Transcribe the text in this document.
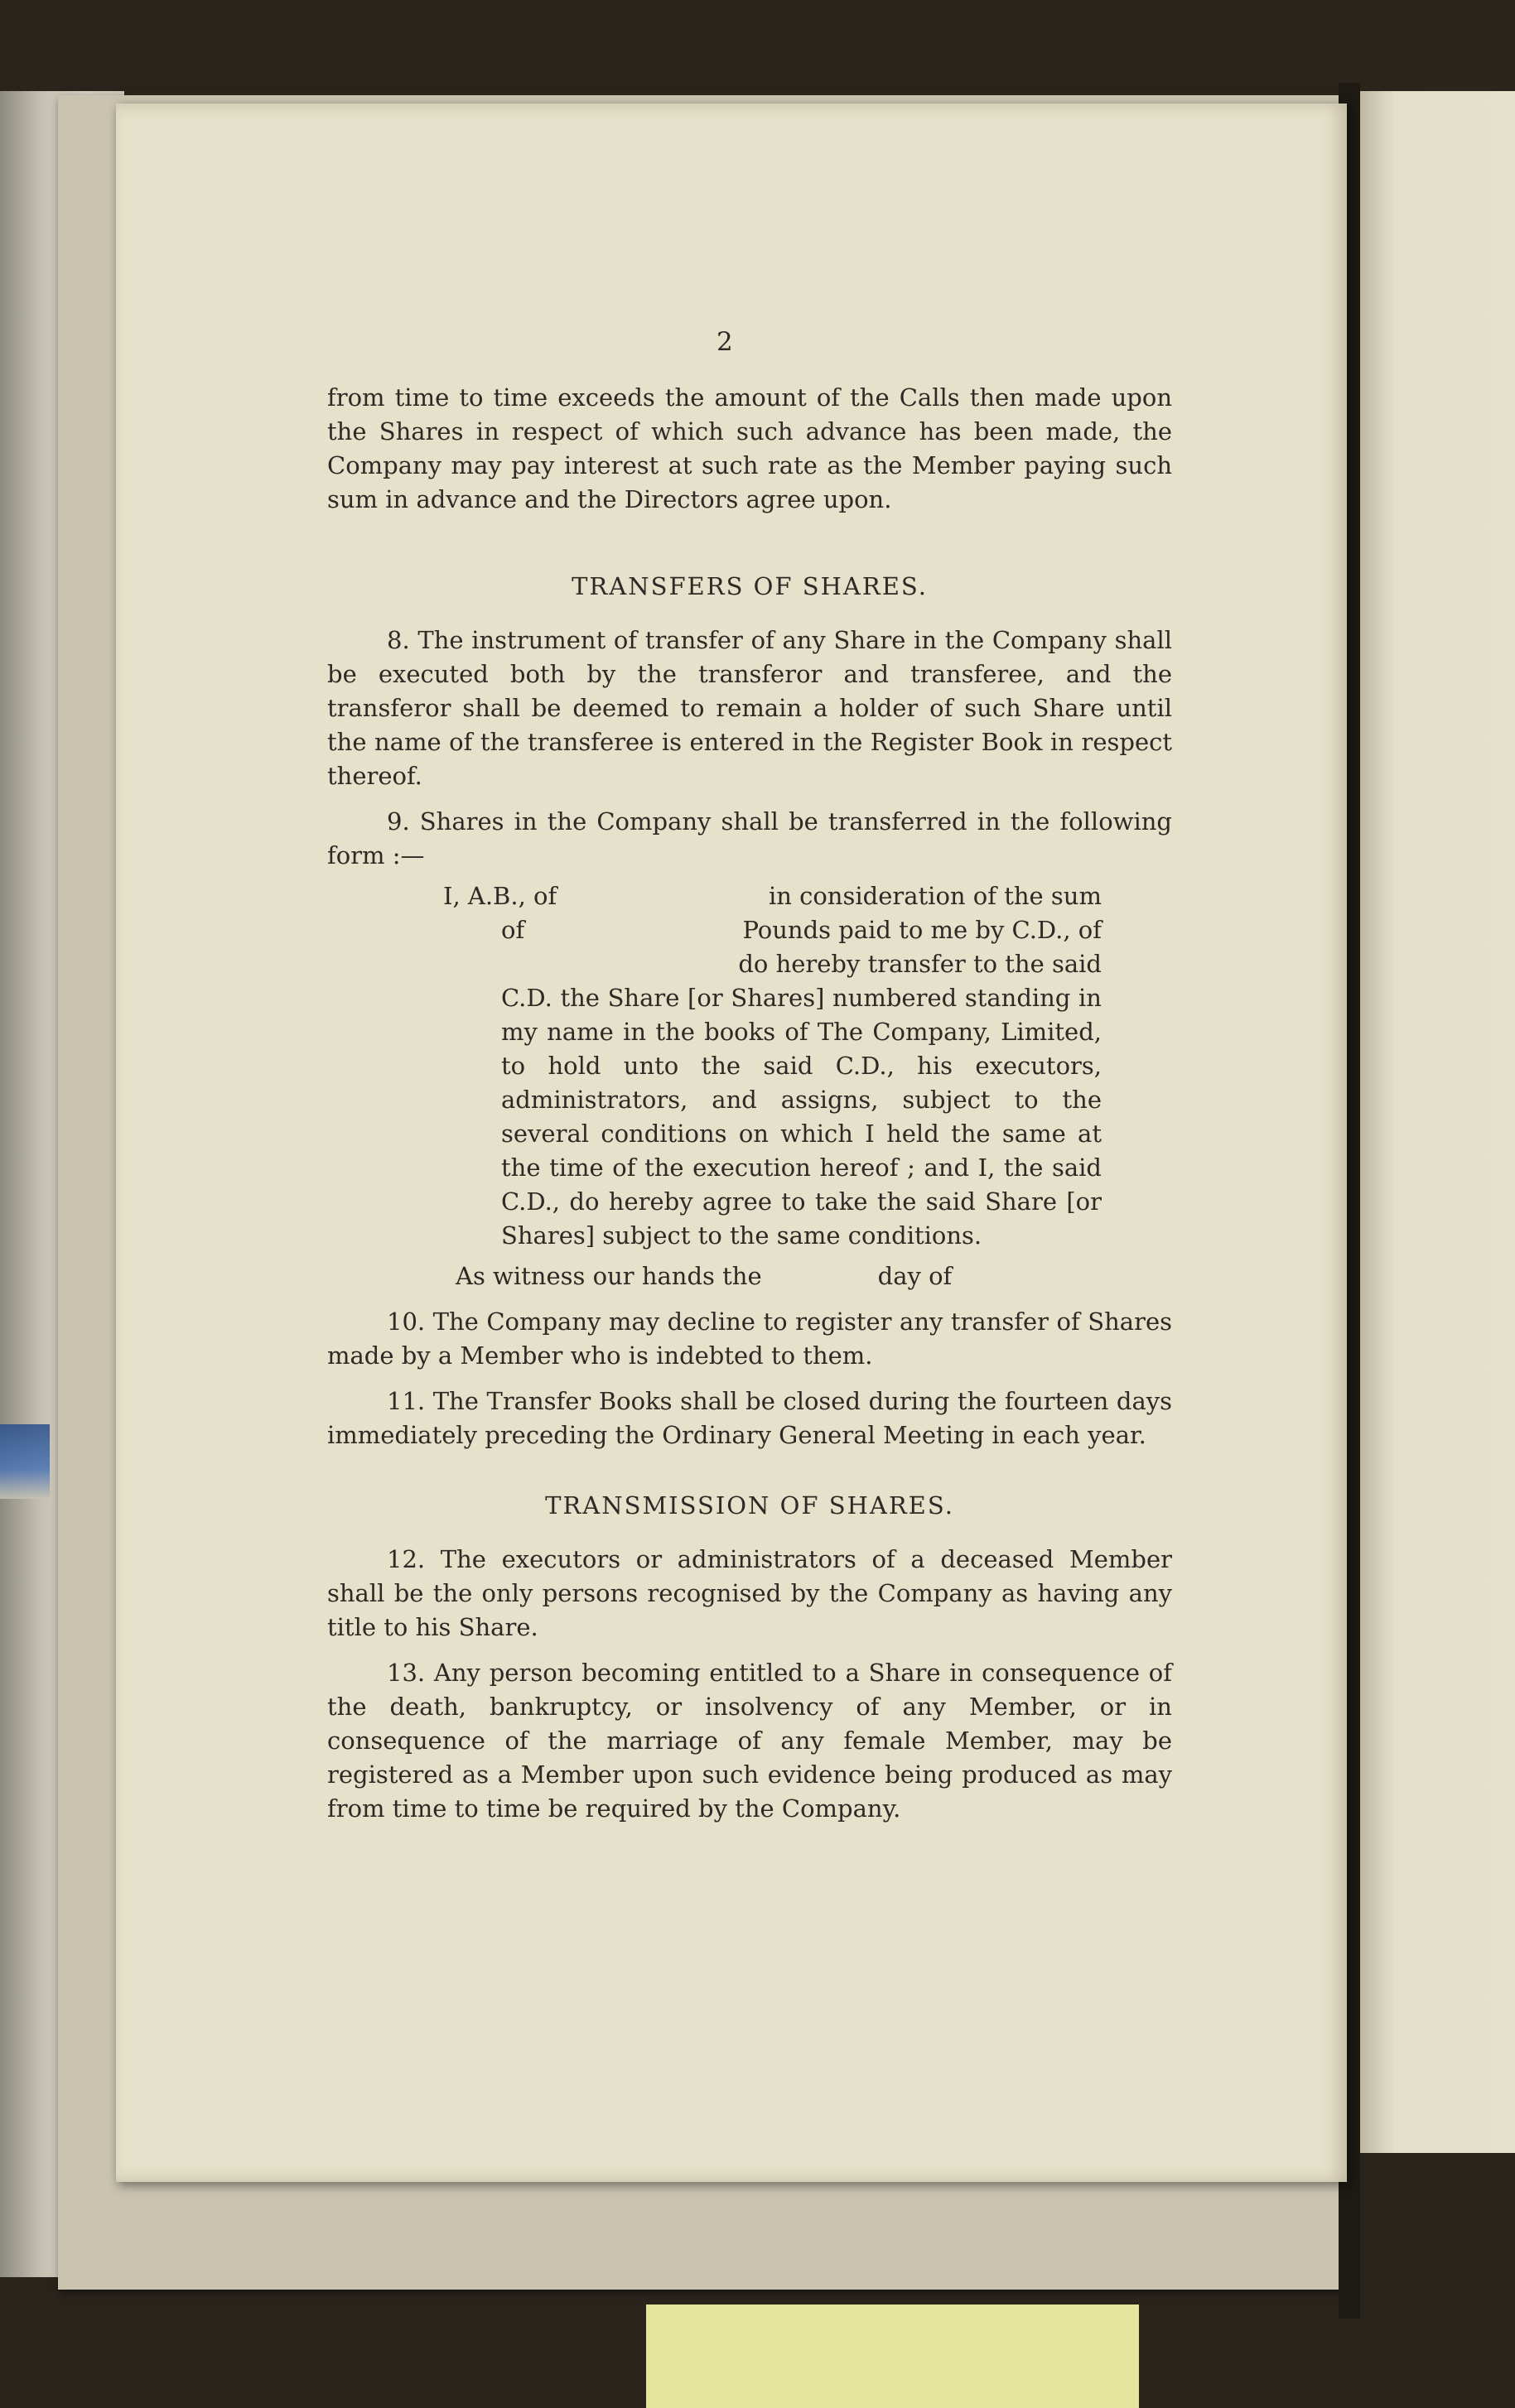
2

from time to time exceeds the amount of the Calls then made upon the Shares in respect of which such advance has been made, the Company may pay interest at such rate as the Member paying such sum in advance and the Directors agree upon.

TRANSFERS OF SHARES.

8. The instrument of transfer of any Share in the Company shall be executed both by the transferor and transferee, and the transferor shall be deemed to remain a holder of such Share until the name of the transferee is entered in the Register Book in respect thereof.

9. Shares in the Company shall be transferred in the following form :—

I, A.B., of	in consideration of the sum
of	Pounds paid to me by C.D., of
do hereby transfer to the said

C.D. the Share [or Shares] numbered standing in my name in the books of The Company, Limited, to hold unto the said C.D., his executors, administrators, and assigns, subject to the several conditions on which I held the same at the time of the execution hereof ; and I, the said C.D., do hereby agree to take the said Share [or Shares] subject to the same conditions.

As witness our hands the	day of

10. The Company may decline to register any transfer of Shares made by a Member who is indebted to them.

11. The Transfer Books shall be closed during the fourteen days immediately preceding the Ordinary General Meeting in each year.

TRANSMISSION OF SHARES.

12. The executors or administrators of a deceased Member shall be the only persons recognised by the Company as having any title to his Share.

13. Any person becoming entitled to a Share in consequence of the death, bankruptcy, or insolvency of any Member, or in consequence of the marriage of any female Member, may be registered as a Member upon such evidence being produced as may from time to time be required by the Company.
